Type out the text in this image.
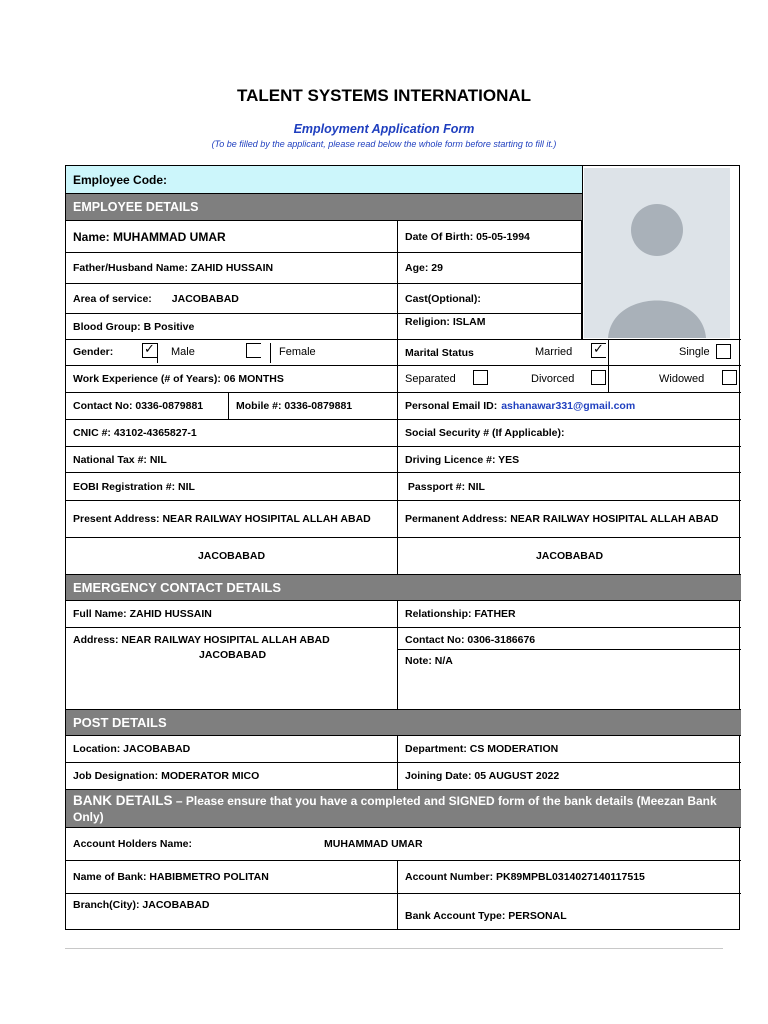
TALENT SYSTEMS INTERNATIONAL
Employment Application Form
(To be filled by the applicant, please read below the whole form before starting to fill it.)
Employee Code:
EMPLOYEE DETAILS
Name: MUHAMMAD UMAR	Date Of Birth: 05-05-1994
Father/Husband Name: ZAHID HUSSAIN	Age: 29
Area of service: JACOBABAD	Cast(Optional):
Blood Group: B Positive	Religion: ISLAM
Gender: ✓	Male	Female	Marital Status	Married	✓	Single
Work Experience (# of Years): 06 MONTHS	Separated	Divorced	Widowed
Contact No: 0336-0879881	Mobile #: 0336-0879881	Personal Email ID: ashanawar331@gmail.com
CNIC #: 43102-4365827-1	Social Security # (If Applicable):
National Tax #: NIL	Driving Licence #: YES
EOBI Registration #: NIL	Passport #: NIL
Present Address: NEAR RAILWAY HOSIPITAL ALLAH ABAD	Permanent Address: NEAR RAILWAY HOSIPITAL ALLAH ABAD
JACOBABAD	JACOBABAD
EMERGENCY CONTACT DETAILS
Full Name: ZAHID HUSSAIN	Relationship: FATHER
Address: NEAR RAILWAY HOSIPITAL ALLAH ABAD
JACOBABAD
Contact No: 0306-3186676
Note: N/A
POST DETAILS
Location: JACOBABAD	Department: CS MODERATION
Job Designation: MODERATOR MICO	Joining Date: 05 AUGUST 2022
BANK DETAILS – Please ensure that you have a completed and SIGNED form of the bank details (Meezan Bank Only)
Account Holders Name:	MUHAMMAD UMAR
Name of Bank: HABIBMETRO POLITAN	Account Number: PK89MPBL0314027140117515
Branch(City): JACOBABAD
Bank Account Type: PERSONAL
